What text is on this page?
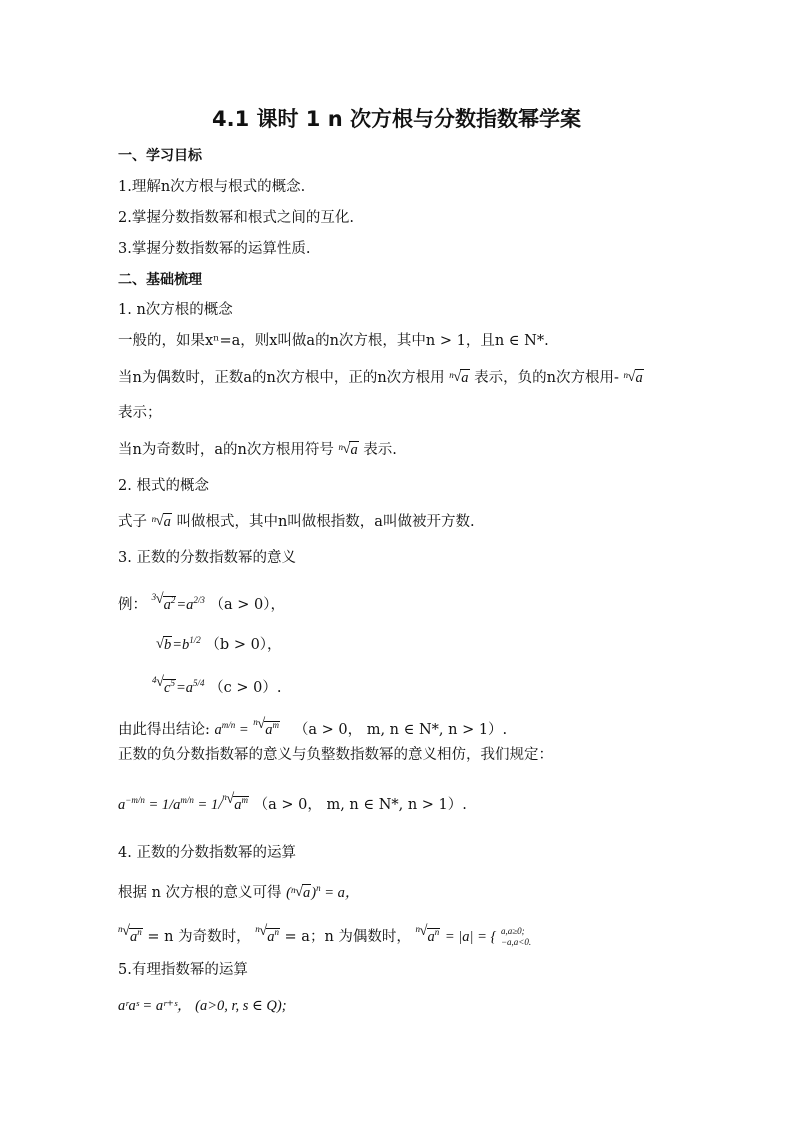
4.1 课时 1 n 次方根与分数指数幂学案
一、学习目标
1.理解n次方根与根式的概念.
2.掌握分数指数幂和根式之间的互化.
3.掌握分数指数幂的运算性质.
二、基础梳理
1. n次方根的概念
一般的，如果xⁿ=a，则x叫做a的n次方根，其中n > 1，且n ∈ N*.
当n为偶数时，正数a的n次方根中，正的n次方根用 n √ a 表示，负的n次方根用- n √ a
表示；
当n为奇数时，a的n次方根用符号 n √ a 表示.
2. 根式的概念
式子 n √ a 叫做根式，其中n叫做根指数，a叫做被开方数.
3. 正数的分数指数幂的意义
例： 3 √ $a^2=a^{2/3}$ （a > 0），
√ $b=b^{1/2}$ （b > 0），
4 √ $c^5=a^{5/4}$ （c > 0）.
由此得出结论: $a^{m/n} = n$ √ $a^m$ （a > 0， m, n ∈ N*, n > 1）.
正数的负分数指数幂的意义与负整数指数幂的意义相仿，我们规定：
$a^{-m/n} = 1/a^{m/n} = 1/$ n √ $a^m$ （a > 0， m, n ∈ N*, n > 1）.
4. 正数的分数指数幂的运算
根据 n 次方根的意义可得 ( n √ a)$^n$ = a，
n √ $a^n = n$ 为奇数时， n √ $a^n = a$；n 为偶数时， n √ $a^n = |a|$ = { a,a≥0;
−a,a<0.
5.有理指数幂的运算
aʳaˢ = aʳ⁺ˢ， (a>0, r, s ∈ Q);
